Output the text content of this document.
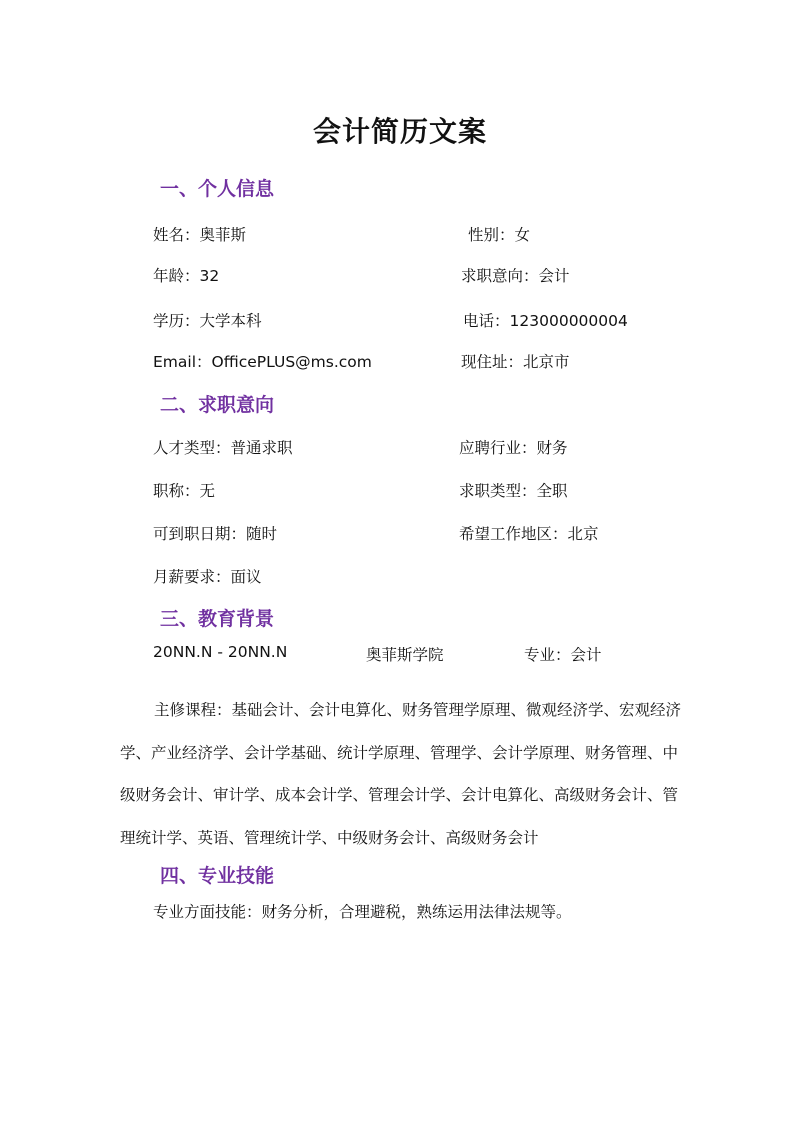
会计简历文案
一、个人信息
姓名：奥菲斯	性别：女
年龄：32	求职意向：会计
学历：大学本科	电话：123000000004
Email：OfficePLUS@ms.com	现住址：北京市
二、求职意向
人才类型：普通求职	应聘行业：财务
职称：无	求职类型：全职
可到职日期：随时	希望工作地区：北京
月薪要求：面议
三、教育背景
20NN.N - 20NN.N	奥菲斯学院	专业：会计
主修课程：基础会计、会计电算化、财务管理学原理、微观经济学、宏观经济学、产业经济学、会计学基础、统计学原理、管理学、会计学原理、财务管理、中级财务会计、审计学、成本会计学、管理会计学、会计电算化、高级财务会计、管理统计学、英语、管理统计学、中级财务会计、高级财务会计
四、专业技能
专业方面技能：财务分析，合理避税，熟练运用法律法规等。
